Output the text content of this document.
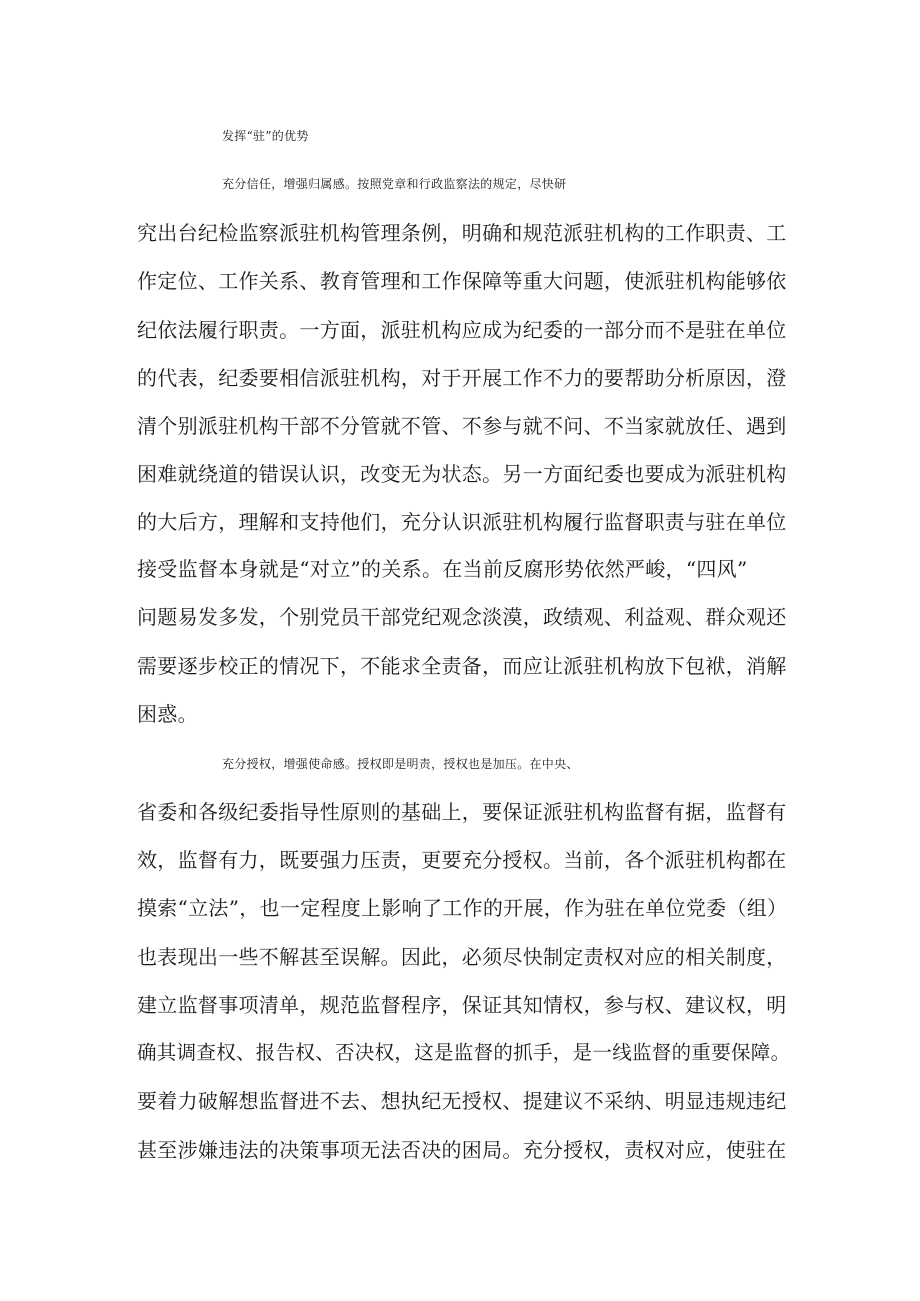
发挥“驻”的优势
充分信任，增强归属感。按照党章和行政监察法的规定，尽快研
究出台纪检监察派驻机构管理条例，明确和规范派驻机构的工作职责、工
作定位、工作关系、教育管理和工作保障等重大问题，使派驻机构能够依
纪依法履行职责。一方面，派驻机构应成为纪委的一部分而不是驻在单位
的代表，纪委要相信派驻机构，对于开展工作不力的要帮助分析原因，澄
清个别派驻机构干部不分管就不管、不参与就不问、不当家就放任、遇到
困难就绕道的错误认识，改变无为状态。另一方面纪委也要成为派驻机构
的大后方，理解和支持他们，充分认识派驻机构履行监督职责与驻在单位
接受监督本身就是“对立”的关系。在当前反腐形势依然严峻，“四风”
问题易发多发，个别党员干部党纪观念淡漠，政绩观、利益观、群众观还
需要逐步校正的情况下，不能求全责备，而应让派驻机构放下包袱，消解
困惑。
充分授权，增强使命感。授权即是明责，授权也是加压。在中央、
省委和各级纪委指导性原则的基础上，要保证派驻机构监督有据，监督有
效，监督有力，既要强力压责，更要充分授权。当前，各个派驻机构都在
摸索“立法”，也一定程度上影响了工作的开展，作为驻在单位党委（组）
也表现出一些不解甚至误解。因此，必须尽快制定责权对应的相关制度，
建立监督事项清单，规范监督程序，保证其知情权，参与权、建议权，明
确其调查权、报告权、否决权，这是监督的抓手，是一线监督的重要保障。
要着力破解想监督进不去、想执纪无授权、提建议不采纳、明显违规违纪
甚至涉嫌违法的决策事项无法否决的困局。充分授权，责权对应，使驻在
